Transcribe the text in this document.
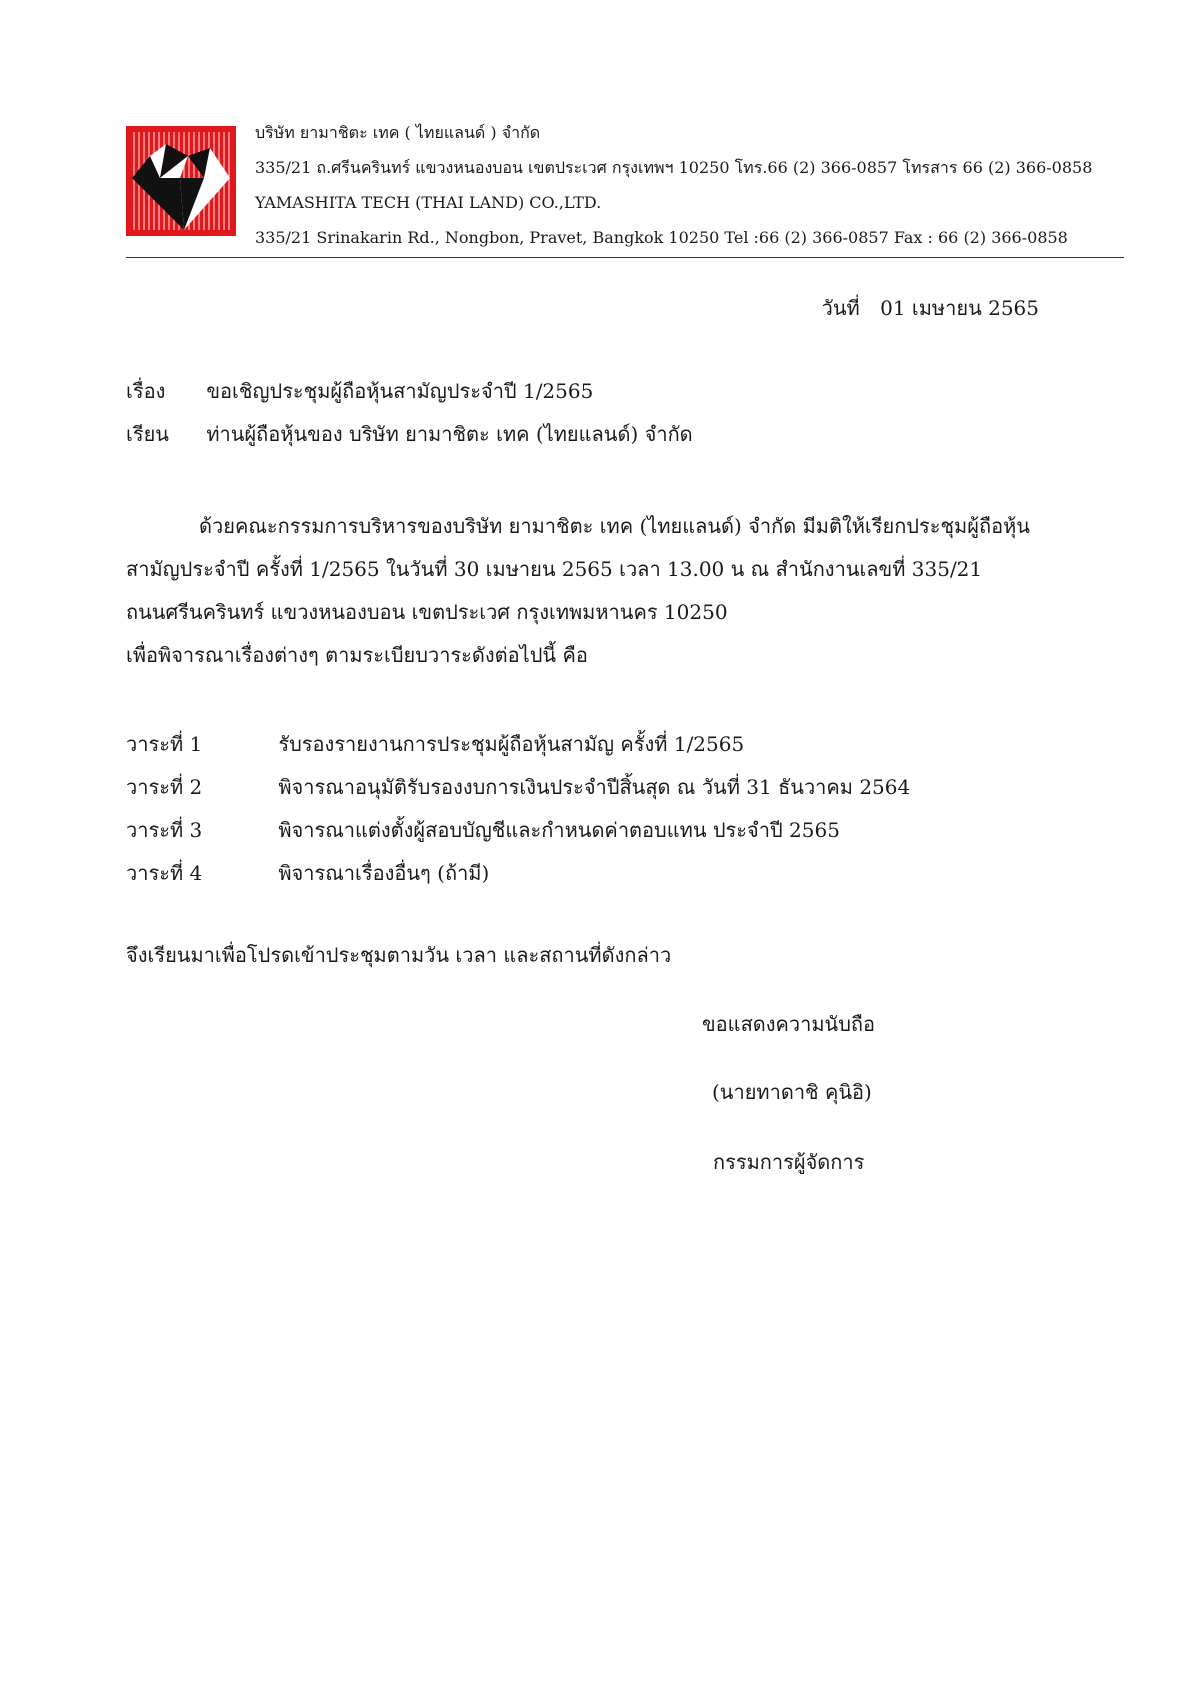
บริษัท ยามาชิตะ เทค ( ไทยแลนด์ ) จำกัด
335/21 ถ.ศรีนครินทร์ แขวงหนองบอน เขตประเวศ กรุงเทพฯ 10250 โทร.66 (2) 366-0857 โทรสาร 66 (2) 366-0858
YAMASHITA TECH (THAI LAND) CO.,LTD.
335/21 Srinakarin Rd., Nongbon, Pravet, Bangkok 10250 Tel :66 (2) 366-0857 Fax : 66 (2) 366-0858
วันที่ 01 เมษายน 2565
เรื่อง ขอเชิญประชุมผู้ถือหุ้นสามัญประจำปี 1/2565
เรียน ท่านผู้ถือหุ้นของ บริษัท ยามาชิตะ เทค (ไทยแลนด์) จำกัด
ด้วยคณะกรรมการบริหารของบริษัท ยามาชิตะ เทค (ไทยแลนด์) จำกัด มีมติให้เรียกประชุมผู้ถือหุ้น
สามัญประจำปี ครั้งที่ 1/2565 ในวันที่ 30 เมษายน 2565 เวลา 13.00 น ณ สำนักงานเลขที่ 335/21
ถนนศรีนครินทร์ แขวงหนองบอน เขตประเวศ กรุงเทพมหานคร 10250
เพื่อพิจารณาเรื่องต่างๆ ตามระเบียบวาระดังต่อไปนี้ คือ
วาระที่ 1	รับรองรายงานการประชุมผู้ถือหุ้นสามัญ ครั้งที่ 1/2565
วาระที่ 2	พิจารณาอนุมัติรับรองงบการเงินประจำปีสิ้นสุด ณ วันที่ 31 ธันวาคม 2564
วาระที่ 3	พิจารณาแต่งตั้งผู้สอบบัญชีและกำหนดค่าตอบแทน ประจำปี 2565
วาระที่ 4	พิจารณาเรื่องอื่นๆ (ถ้ามี)
จึงเรียนมาเพื่อโปรดเข้าประชุมตามวัน เวลา และสถานที่ดังกล่าว
ขอแสดงความนับถือ
(นายทาดาชิ คุนิอิ)
กรรมการผู้จัดการ
